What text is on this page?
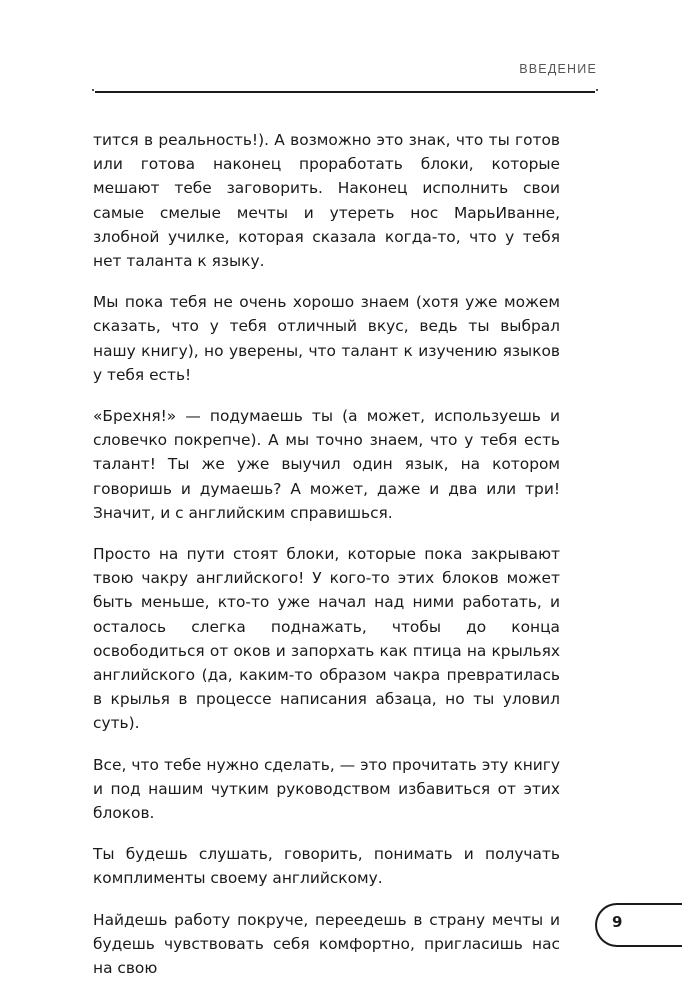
ВВЕДЕНИЕ

тится в реальность!). А возможно это знак, что ты готов или готова наконец проработать блоки, которые мешают тебе заговорить. Наконец исполнить свои самые смелые мечты и утереть нос МарьИванне, злобной училке, которая сказала когда-то, что у тебя нет таланта к языку.

Мы пока тебя не очень хорошо знаем (хотя уже можем сказать, что у тебя отличный вкус, ведь ты выбрал нашу книгу), но уверены, что талант к изучению языков у тебя есть!

«Брехня!» — подумаешь ты (а может, используешь и словечко покрепче). А мы точно знаем, что у тебя есть талант! Ты же уже выучил один язык, на котором говоришь и думаешь? А может, даже и два или три! Значит, и с английским справишься.

Просто на пути стоят блоки, которые пока закрывают твою чакру английского! У кого-то этих блоков может быть меньше, кто-то уже начал над ними работать, и осталось слегка поднажать, чтобы до конца освободиться от оков и запорхать как птица на крыльях английского (да, каким-то образом чакра превратилась в крылья в процессе написания абзаца, но ты уловил суть).

Все, что тебе нужно сделать, — это прочитать эту книгу и под нашим чутким руководством избавиться от этих блоков.

Ты будешь слушать, говорить, понимать и получать комплименты своему английскому.

Найдешь работу покруче, переедешь в страну мечты и будешь чувствовать себя комфортно, пригласишь нас на свою

9
